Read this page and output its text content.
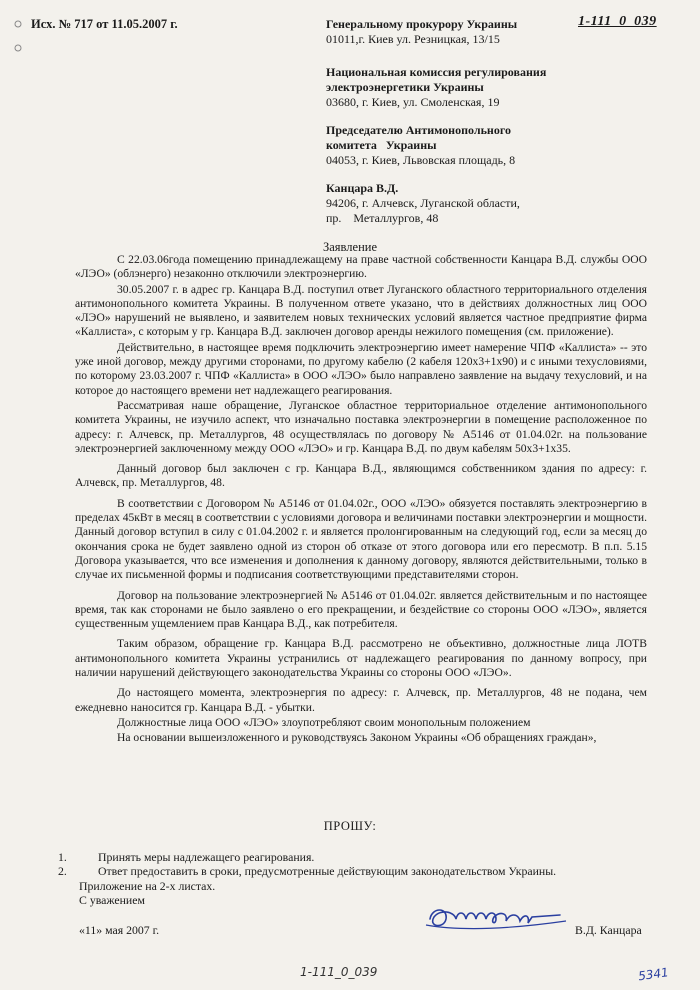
Исх. № 717 от 11.05.2007 г.	1-111_0_039
Генеральному прокурору Украины
01011,г. Киев ул. Резницкая, 13/15
Национальная комиссия регулирования
электроэнергетики Украины
03680, г. Киев, ул. Смоленская, 19
Председателю Антимонопольного
комитета   Украины
04053, г. Киев, Львовская площадь, 8
Канцара В.Д.
94206, г. Алчевск, Луганской области,
пр.    Металлургов, 48
Заявление

С 22.03.06года помещению принадлежащему на праве частной собственности Канцара В.Д. службы ООО «ЛЭО» (облэнерго) незаконно отключили электроэнергию.

30.05.2007 г. в адрес гр. Канцара В.Д. поступил ответ Луганского областного территориального отделения антимонопольного комитета Украины. В полученном ответе указано, что в действиях должностных лиц ООО «ЛЭО» нарушений не выявлено, и заявителем новых технических условий является частное предприятие фирма «Каллиста», с которым у гр. Канцара В.Д. заключен договор аренды нежилого помещения (см. приложение).

Действительно, в настоящее время подключить электроэнергию имеет намерение ЧПФ «Каллиста» -- это уже иной договор, между другими сторонами, по другому кабелю (2 кабеля 120х3+1х90) и с иными техусловиями, по которому 23.03.2007 г. ЧПФ «Каллиста» в ООО «ЛЭО» было направлено заявление на выдачу техусловий, и на которое до настоящего времени нет надлежащего реагирования.

Рассматривая наше обращение, Луганское областное территориальное отделение антимонопольного комитета Украины, не изучило аспект, что изначально поставка электроэнергии в помещение расположенное по адресу: г. Алчевск, пр. Металлургов, 48 осуществлялась по договору № А5146 от 01.04.02г. на пользование электроэнергией заключенному между ООО «ЛЭО» и гр. Канцара В.Д. по двум кабелям 50х3+1х35.

Данный договор был заключен с гр. Канцара В.Д., являющимся собственником здания по адресу: г. Алчевск, пр. Металлургов, 48.

В соответствии с Договором № А5146 от 01.04.02г., ООО «ЛЭО» обязуется поставлять электроэнергию в пределах 45кВт в месяц в соответствии с условиями договора и величинами поставки электроэнергии и мощности. Данный договор вступил в силу с 01.04.2002 г. и является пролонгированным на следующий год, если за месяц до окончания срока не будет заявлено одной из сторон об отказе от этого договора или его пересмотр. В п.п. 5.15 Договора указывается, что все изменения и дополнения к данному договору, являются действительными, только в случае их письменной формы и подписания соответствующими представителями сторон.

Договор на пользование электроэнергией № А5146 от 01.04.02г. является действительным и по настоящее время, так как сторонами не было заявлено о его прекращении, и бездействие со стороны ООО «ЛЭО», является существенным ущемлением прав Канцара В.Д., как потребителя.

Таким образом, обращение гр. Канцара В.Д. рассмотрено не объективно, должностные лица ЛОТВ антимонопольного комитета Украины устранились от надлежащего реагирования по данному вопросу, при наличии нарушений действующего законодательства Украины со стороны ООО «ЛЭО».

До настоящего момента, электроэнергия по адресу: г. Алчевск, пр. Металлургов, 48 не подана, чем ежедневно наносится гр. Канцара В.Д. - убытки.

Должностные лица ООО «ЛЭО» злоупотребляют своим монопольным положением

На основании вышеизложенного и руководствуясь Законом Украины «Об обращениях граждан»,

ПРОШУ:
1.	Принять меры надлежащего реагирования.
2.	Ответ предоставить в сроки, предусмотренные действующим законодательством Украины.
Приложение на 2-х листах.
С уважением
«11» мая 2007 г.	В.Д. Канцара
1-111_0_039	5341
